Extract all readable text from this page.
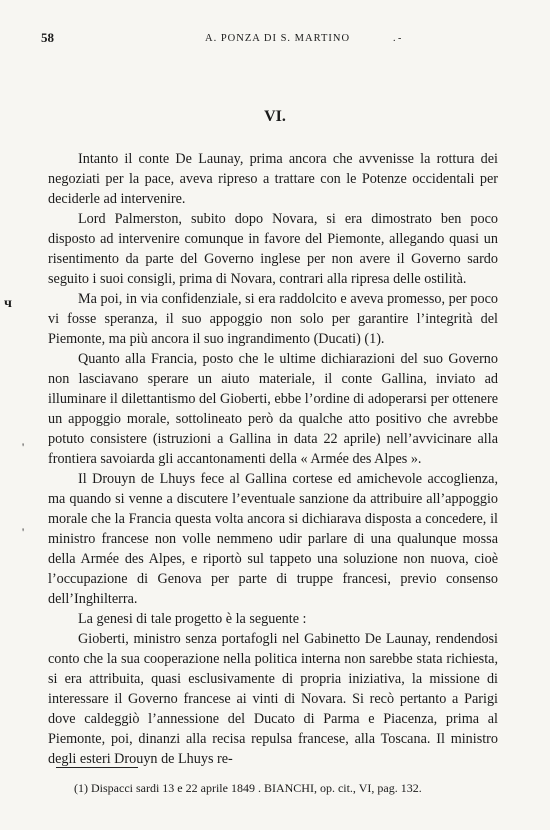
58	A. PONZA DI S. MARTINO	. -
VI.
ч
'
'

Intanto il conte De Launay, prima ancora che avvenisse la rottura dei negoziati per la pace, aveva ripreso a trattare con le Potenze occidentali per deciderle ad intervenire.

Lord Palmerston, subito dopo Novara, si era dimostrato ben poco disposto ad intervenire comunque in favore del Piemonte, allegando quasi un risentimento da parte del Governo inglese per non avere il Governo sardo seguito i suoi consigli, prima di Novara, contrari alla ripresa delle ostilità.

Ma poi, in via confidenziale, si era raddolcito e aveva promesso, per poco vi fosse speranza, il suo appoggio non solo per garantire l’integrità del Piemonte, ma più ancora il suo ingrandimento (Ducati) (1).

Quanto alla Francia, posto che le ultime dichiarazioni del suo Governo non lasciavano sperare un aiuto materiale, il conte Gallina, inviato ad illuminare il dilettantismo del Gioberti, ebbe l’ordine di adoperarsi per ottenere un appoggio morale, sottolineato però da qualche atto positivo che avrebbe potuto consistere (istruzioni a Gallina in data 22 aprile) nell’avvicinare alla frontiera savoiarda gli accantonamenti della « Armée des Alpes ».

Il Drouyn de Lhuys fece al Gallina cortese ed amichevole accoglienza, ma quando si venne a discutere l’eventuale sanzione da attribuire all’appoggio morale che la Francia questa volta ancora si dichiarava disposta a concedere, il ministro francese non volle nemmeno udir parlare di una qualunque mossa della Armée des Alpes, e riportò sul tappeto una soluzione non nuova, cioè l’occupazione di Genova per parte di truppe francesi, previo consenso dell’Inghilterra.

La genesi di tale progetto è la seguente :

Gioberti, ministro senza portafogli nel Gabinetto De Launay, rendendosi conto che la sua cooperazione nella politica interna non sarebbe stata richiesta, si era attribuita, quasi esclusivamente di propria iniziativa, la missione di interessare il Governo francese ai vinti di Novara. Si recò pertanto a Parigi dove caldeggiò l’annessione del Ducato di Parma e Piacenza, prima al Piemonte, poi, dinanzi alla recisa repulsa francese, alla Toscana. Il ministro degli esteri Drouyn de Lhuys re-

(1) Dispacci sardi 13 e 22 aprile 1849 . BIANCHI, op. cit., VI, pag. 132.
